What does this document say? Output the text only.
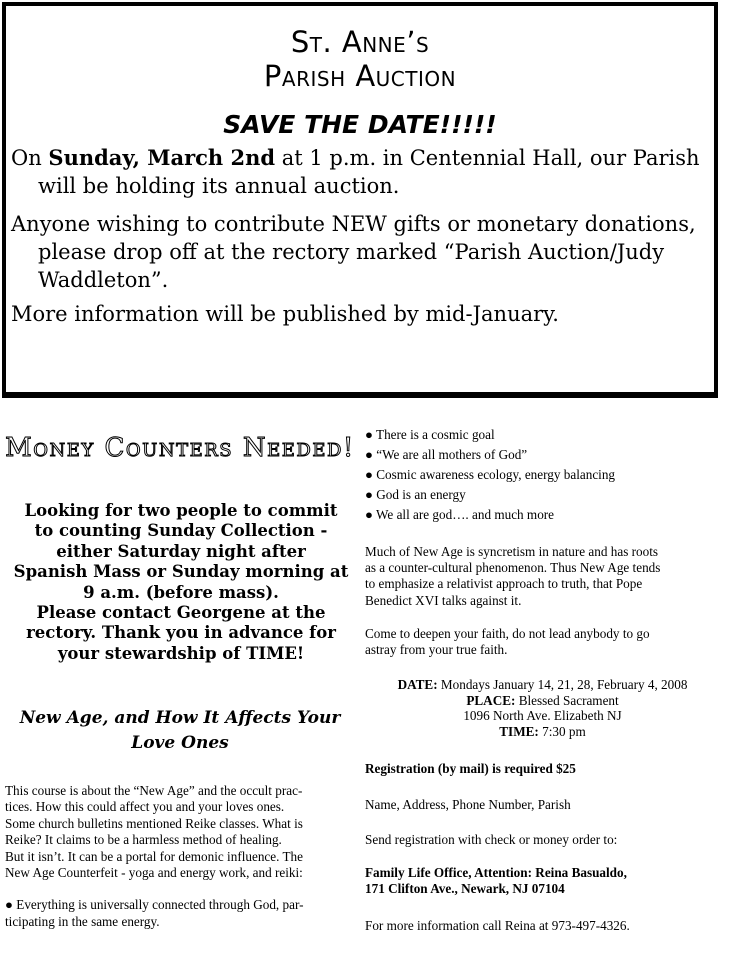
St. Anne’s
Parish Auction
SAVE THE DATE!!!!!
On Sunday, March 2nd at 1 p.m. in Centennial Hall, our Parish will be holding its annual auction.
Anyone wishing to contribute NEW gifts or monetary donations, please drop off at the rectory marked “Parish Auction/Judy Waddleton”.
More information will be published by mid-January.
Money Counters Needed!
Looking for two people to commit
to counting Sunday Collection -
either Saturday night after
Spanish Mass or Sunday morning at
9 a.m. (before mass).
Please contact Georgene at the
rectory. Thank you in advance for
your stewardship of TIME!
New Age, and How It Affects Your
Love Ones

This course is about the “New Age” and the occult prac-

tices. How this could affect you and your loves ones.

Some church bulletins mentioned Reike classes. What is

Reike? It claims to be a harmless method of healing.

But it isn’t. It can be a portal for demonic influence. The

New Age Counterfeit - yoga and energy work, and reiki:

● Everything is universally connected through God, par-

ticipating in the same energy.

● There is a cosmic goal
● “We are all mothers of God”
● Cosmic awareness ecology, energy balancing
● God is an energy
● We all are god…. and much more

Much of New Age is syncretism in nature and has roots

as a counter-cultural phenomenon. Thus New Age tends

to emphasize a relativist approach to truth, that Pope

Benedict XVI talks against it.

Come to deepen your faith, do not lead anybody to go

astray from your true faith.

DATE: Mondays January 14, 21, 28, February 4, 2008

PLACE: Blessed Sacrament

1096 North Ave. Elizabeth NJ

TIME: 7:30 pm

Registration (by mail) is required $25

Name, Address, Phone Number, Parish

Send registration with check or money order to:

Family Life Office, Attention: Reina Basualdo,

171 Clifton Ave., Newark, NJ 07104

For more information call Reina at 973-497-4326.
